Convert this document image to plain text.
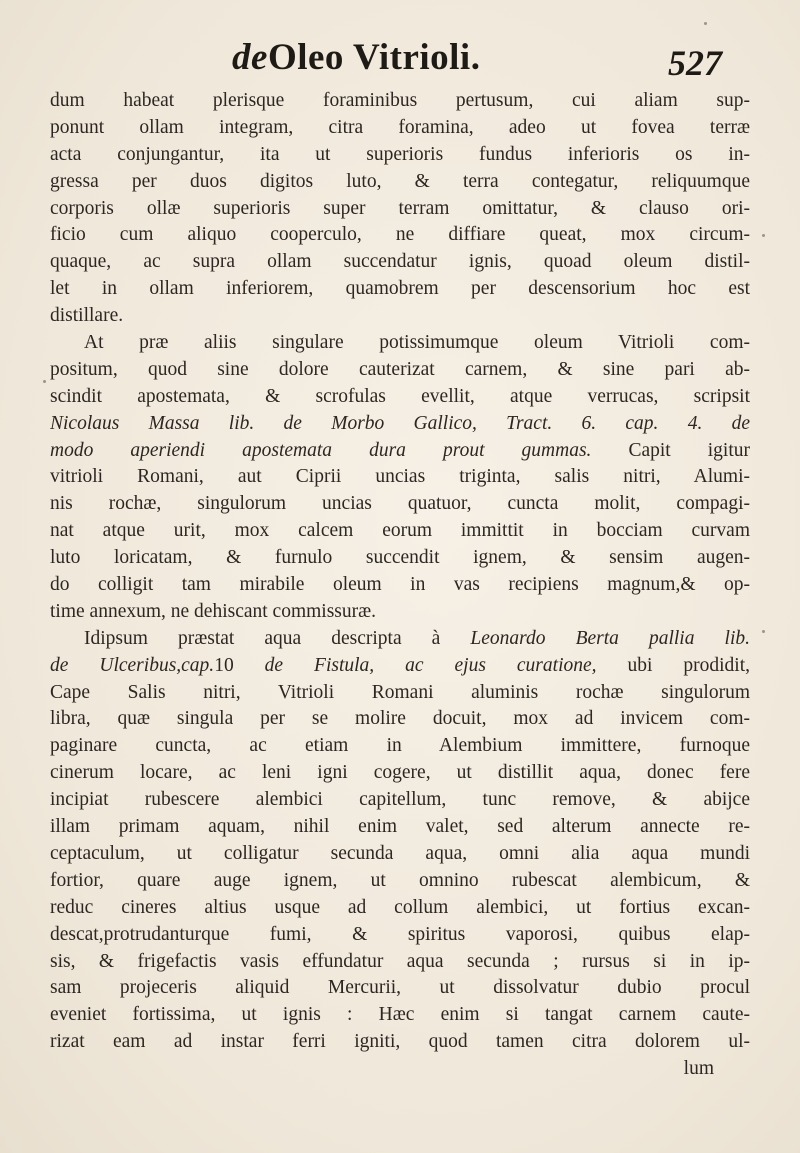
deOleo Vitrioli.	527
dum habeat plerisque foraminibus pertusum, cui aliam sup-
ponunt ollam integram, citra foramina, adeo ut fovea terræ
acta conjungantur, ita ut superioris fundus inferioris os in-
gressa per duos digitos luto, & terra contegatur, reliquumque
corporis ollæ superioris super terram omittatur, & clauso ori-
ficio cum aliquo cooperculo, ne diffiare queat, mox circum-
quaque, ac supra ollam succendatur ignis, quoad oleum distil-
let in ollam inferiorem, quamobrem per descensorium hoc est
distillare.
At præ aliis singulare potissimumque oleum Vitrioli com-
positum, quod sine dolore cauterizat carnem, & sine pari ab-
scindit apostemata, & scrofulas evellit, atque verrucas, scripsit
Nicolaus Massa lib. de Morbo Gallico, Tract. 6. cap. 4. de
modo aperiendi apostemata dura prout gummas. Capit igitur
vitrioli Romani, aut Ciprii uncias triginta, salis nitri, Alumi-
nis rochæ, singulorum uncias quatuor, cuncta molit, compagi-
nat atque urit, mox calcem eorum immittit in bocciam curvam
luto loricatam, & furnulo succendit ignem, & sensim augen-
do colligit tam mirabile oleum in vas recipiens magnum,& op-
time annexum, ne dehiscant commissuræ.
Idipsum præstat aqua descripta à Leonardo Berta pallia lib.
de Ulceribus,cap.10 de Fistula, ac ejus curatione, ubi prodidit,
Cape Salis nitri, Vitrioli Romani aluminis rochæ singulorum
libra, quæ singula per se molire docuit, mox ad invicem com-
paginare cuncta, ac etiam in Alembium immittere, furnoque
cinerum locare, ac leni igni cogere, ut distillit aqua, donec fere
incipiat rubescere alembici capitellum, tunc remove, & abijce
illam primam aquam, nihil enim valet, sed alterum annecte re-
ceptaculum, ut colligatur secunda aqua, omni alia aqua mundi
fortior, quare auge ignem, ut omnino rubescat alembicum, &
reduc cineres altius usque ad collum alembici, ut fortius excan-
descat,protrudanturque fumi, & spiritus vaporosi, quibus elap-
sis, & frigefactis vasis effundatur aqua secunda ; rursus si in ip-
sam projeceris aliquid Mercurii, ut dissolvatur dubio procul
eveniet fortissima, ut ignis : Hæc enim si tangat carnem caute-
rizat eam ad instar ferri igniti, quod tamen citra dolorem ul-
lum
